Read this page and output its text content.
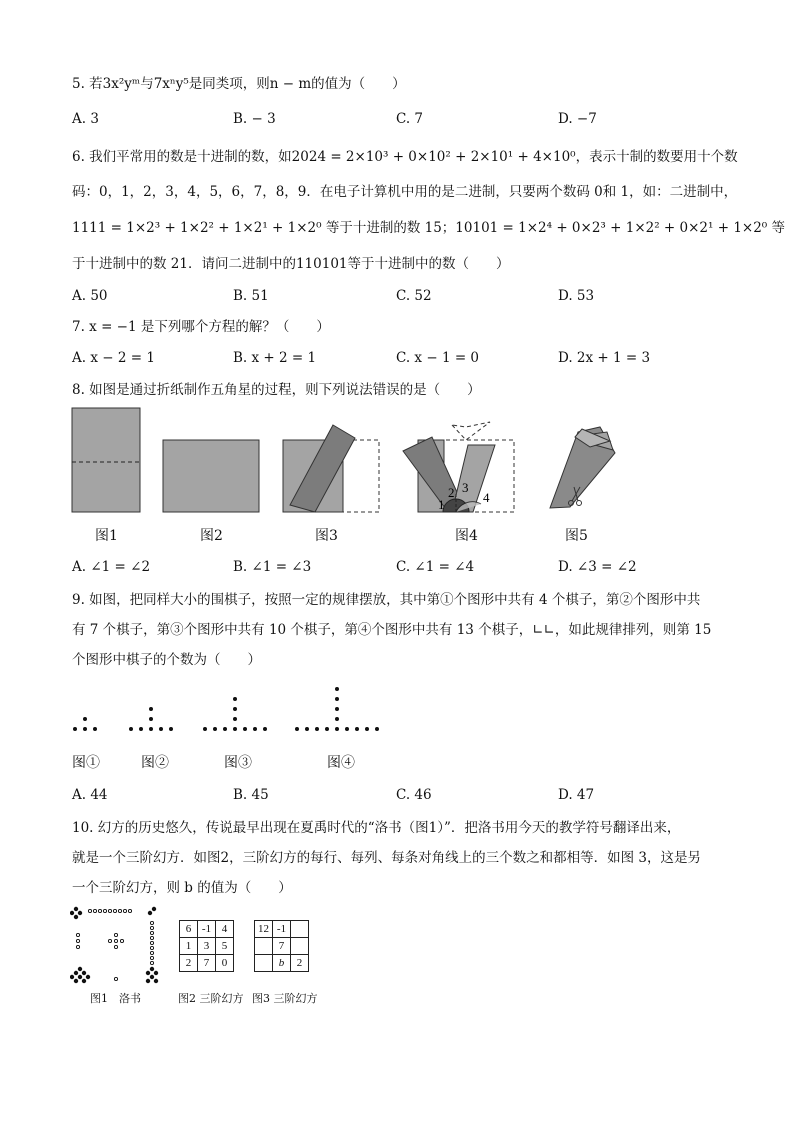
5. 若3x²yᵐ与7xⁿy⁵是同类项，则n − m的值为（　　）
A. 3	B. − 3	C. 7	D. −7
6. 我们平常用的数是十进制的数，如2024 = 2×10³ + 0×10² + 2×10¹ + 4×10⁰，表示十制的数要用十个数
码：0，1，2，3，4，5，6，7，8，9．在电子计算机中用的是二进制，只要两个数码 0和 1，如：二进制中，
1111 = 1×2³ + 1×2² + 1×2¹ + 1×2⁰ 等于十进制的数 15；10101 = 1×2⁴ + 0×2³ + 1×2² + 0×2¹ + 1×2⁰ 等
于十进制中的数 21．请问二进制中的110101等于十进制中的数（　　）
A. 50	B. 51	C. 52	D. 53
7. x = −1 是下列哪个方程的解？（　　）
A. x − 2 = 1	B. x + 2 = 1	C. x − 1 = 0	D. 2x + 1 = 3
8. 如图是通过折纸制作五角星的过程，则下列说法错误的是（　　）
1
2 3
4
图1	图2	图3	图4	图5
A. ∠1 = ∠2	B. ∠1 = ∠3	C. ∠1 = ∠4	D. ∠3 = ∠2
9. 如图，把同样大小的围棋子，按照一定的规律摆放，其中第①个图形中共有 4 个棋子，第②个图形中共
有 7 个棋子，第③个图形中共有 10 个棋子，第④个图形中共有 13 个棋子，∟∟，如此规律排列，则第 15
个图形中棋子的个数为（　　）
图①	图②	图③	图④
A. 44	B. 45	C. 46	D. 47
10. 幻方的历史悠久，传说最早出现在夏禹时代的“洛书（图1）”．把洛书用今天的教学符号翻译出来，
就是一个三阶幻方．如图2，三阶幻方的每行、每列、每条对角线上的三个数之和都相等．如图 3，这是另
一个三阶幻方，则 b 的值为（　　）
图1　洛书
6	-1	4
1	3	5
2	7	0
图2 三阶幻方
12	-1	
	7	
	b	2
图3 三阶幻方
